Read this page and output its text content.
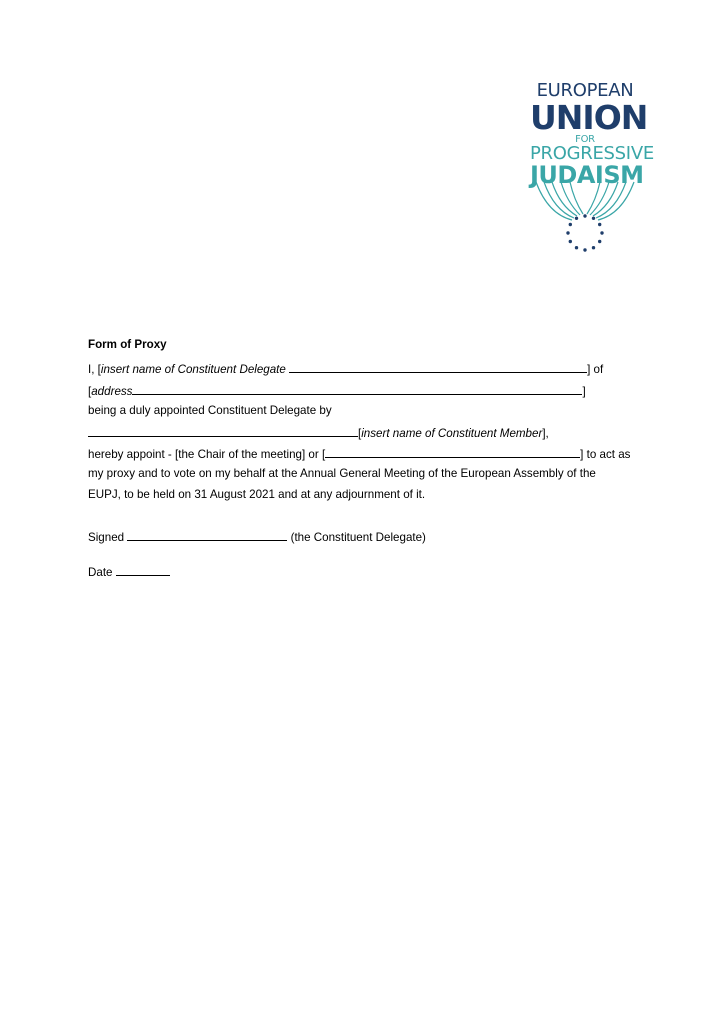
EUROPEAN
UNION
FOR
PROGRESSIVE
JUDAISM
Form of Proxy
I, [insert name of Constituent Delegate	] of
[address	]
being a duly appointed Constituent Delegate by
[insert name of Constituent Member],
hereby appoint - [the Chair of the meeting] or [	] to act as
my proxy and to vote on my behalf at the Annual General Meeting of the European Assembly of the
EUPJ, to be held on 31 August 2021 and at any adjournment of it.
Signed	(the Constituent Delegate)
Date
